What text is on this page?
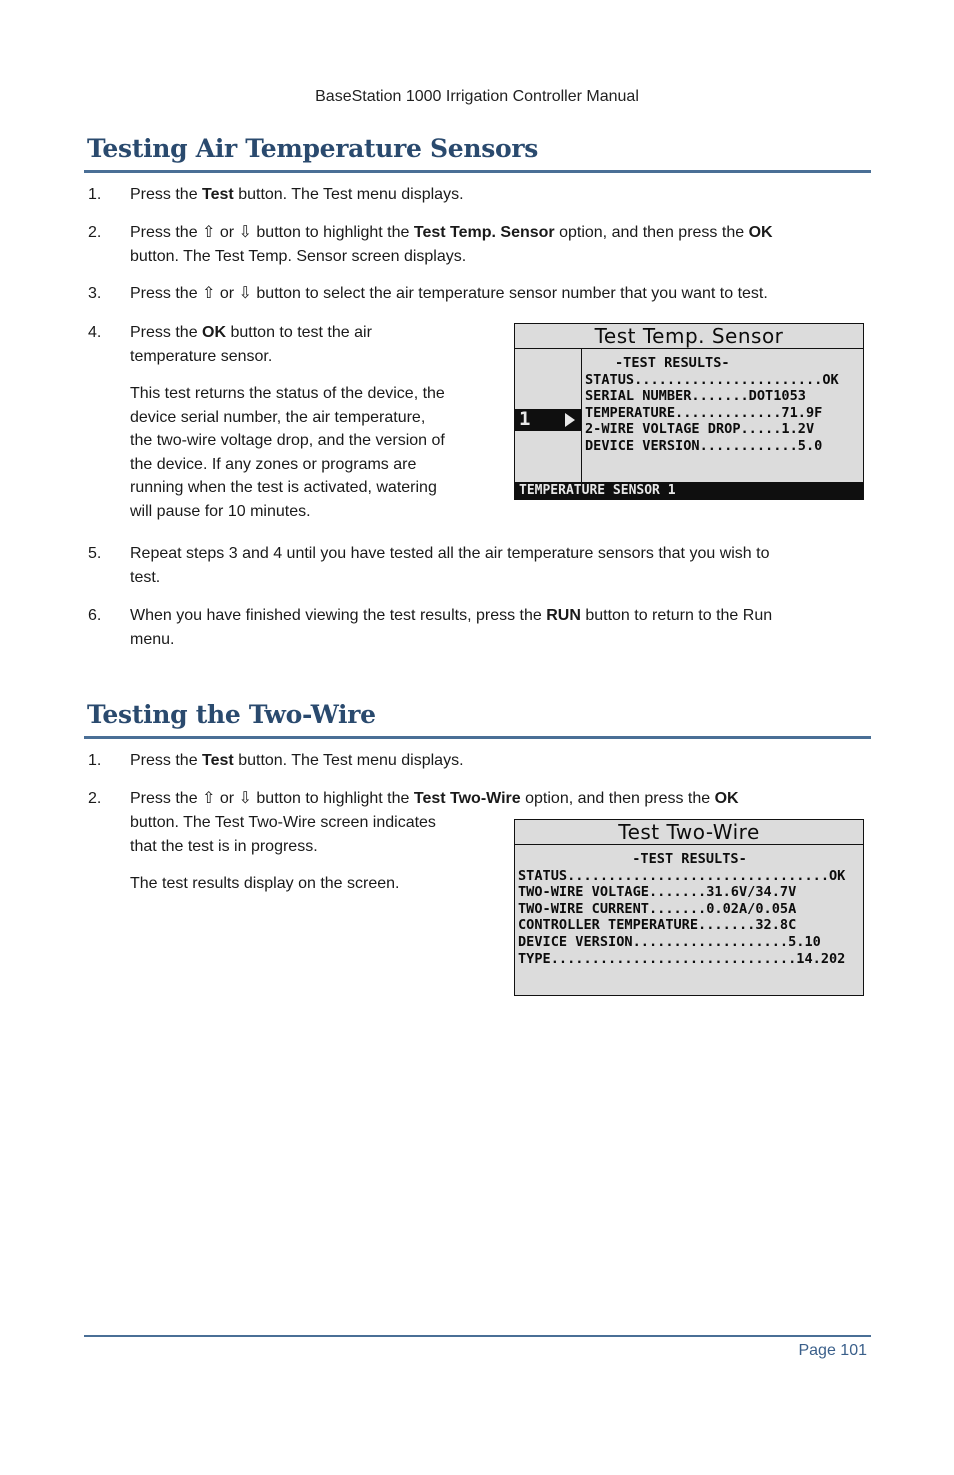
BaseStation 1000 Irrigation Controller Manual
Testing Air Temperature Sensors
1. Press the Test button. The Test menu displays.
2. Press the ⇧ or ⇩ button to highlight the Test Temp. Sensor option, and then press the OK
button. The Test Temp. Sensor screen displays.
3. Press the ⇧ or ⇩ button to select the air temperature sensor number that you want to test.
4. Press the OK button to test the air
temperature sensor.
This test returns the status of the device, the
device serial number, the air temperature,
the two-wire voltage drop, and the version of
the device. If any zones or programs are
running when the test is activated, watering
will pause for 10 minutes.
Test Temp. Sensor
1
-TEST RESULTS-
STATUS.......................OK
SERIAL NUMBER.......DOT1053
TEMPERATURE.............71.9F
2-WIRE VOLTAGE DROP.....1.2V
DEVICE VERSION............5.0
TEMPERATURE SENSOR 1
5. Repeat steps 3 and 4 until you have tested all the air temperature sensors that you wish to
test.
6. When you have finished viewing the test results, press the RUN button to return to the Run
menu.
Testing the Two-Wire
1. Press the Test button. The Test menu displays.
2. Press the ⇧ or ⇩ button to highlight the Test Two-Wire option, and then press the OK
button. The Test Two-Wire screen indicates
that the test is in progress.
The test results display on the screen.
Test Two-Wire
-TEST RESULTS-
STATUS................................OK
TWO-WIRE VOLTAGE.......31.6V/34.7V
TWO-WIRE CURRENT.......0.02A/0.05A
CONTROLLER TEMPERATURE.......32.8C
DEVICE VERSION...................5.10
TYPE..............................14.202
Page 101
